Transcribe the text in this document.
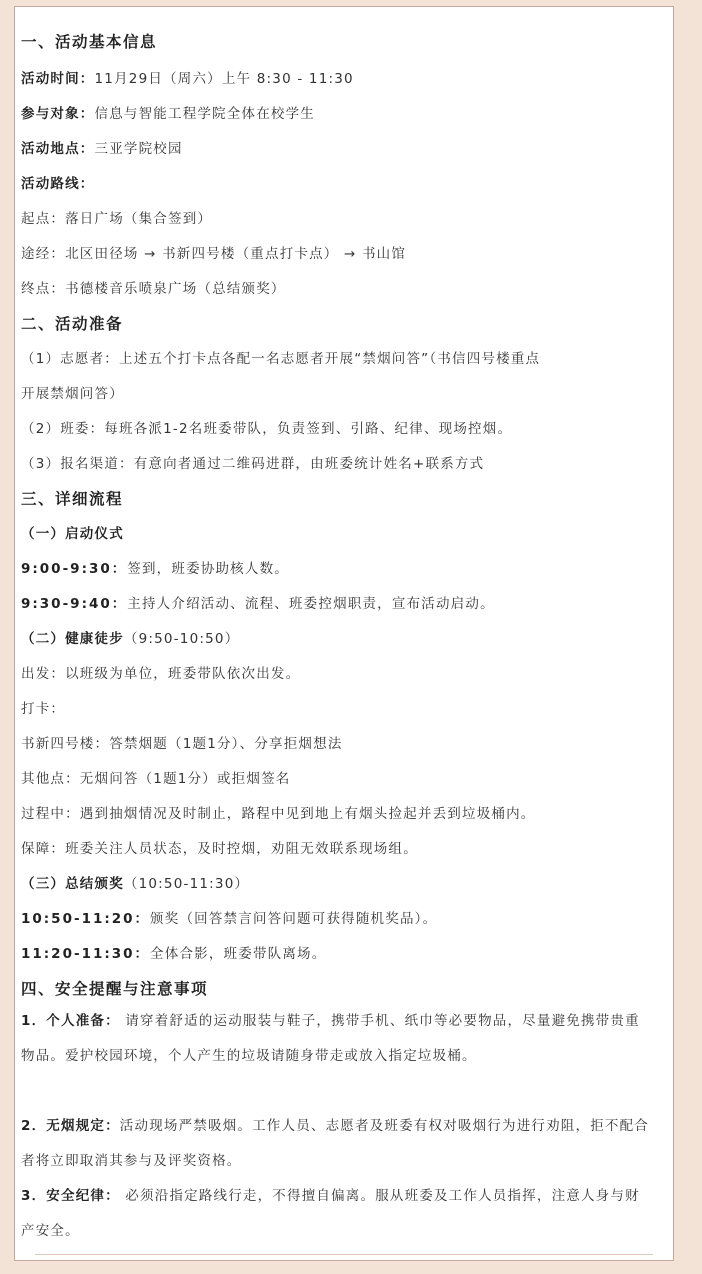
一、活动基本信息
活动时间：11月29日（周六）上午 8:30 - 11:30
参与对象：信息与智能工程学院全体在校学生
活动地点：三亚学院校园
活动路线：
起点：落日广场（集合签到）
途经：北区田径场 → 书新四号楼（重点打卡点） → 书山馆
终点：书德楼音乐喷泉广场（总结颁奖）
二、活动准备
（1）志愿者：上述五个打卡点各配一名志愿者开展“禁烟问答”（书信四号楼重点
开展禁烟问答）
（2）班委：每班各派1-2名班委带队，负责签到、引路、纪律、现场控烟。
（3）报名渠道：有意向者通过二维码进群，由班委统计姓名+联系方式
三、详细流程
（一）启动仪式
9:00-9:30：签到，班委协助核人数。
9:30-9:40：主持人介绍活动、流程、班委控烟职责，宣布活动启动。
（二）健康徒步（9:50-10:50）
出发：以班级为单位，班委带队依次出发。
打卡：
书新四号楼：答禁烟题（1题1分）、分享拒烟想法
其他点：无烟问答（1题1分）或拒烟签名
过程中：遇到抽烟情况及时制止，路程中见到地上有烟头捡起并丢到垃圾桶内。
保障：班委关注人员状态，及时控烟，劝阻无效联系现场组。
（三）总结颁奖（10:50-11:30）
10:50-11:20：颁奖（回答禁言问答问题可获得随机奖品）。
11:20-11:30：全体合影，班委带队离场。
四、安全提醒与注意事项
1．个人准备： 请穿着舒适的运动服装与鞋子，携带手机、纸巾等必要物品，尽量避免携带贵重物品。爱护校园环境，个人产生的垃圾请随身带走或放入指定垃圾桶。
2．无烟规定：活动现场严禁吸烟。工作人员、志愿者及班委有权对吸烟行为进行劝阻，拒不配合者将立即取消其参与及评奖资格。
3．安全纪律： 必须沿指定路线行走，不得擅自偏离。服从班委及工作人员指挥，注意人身与财产安全。
